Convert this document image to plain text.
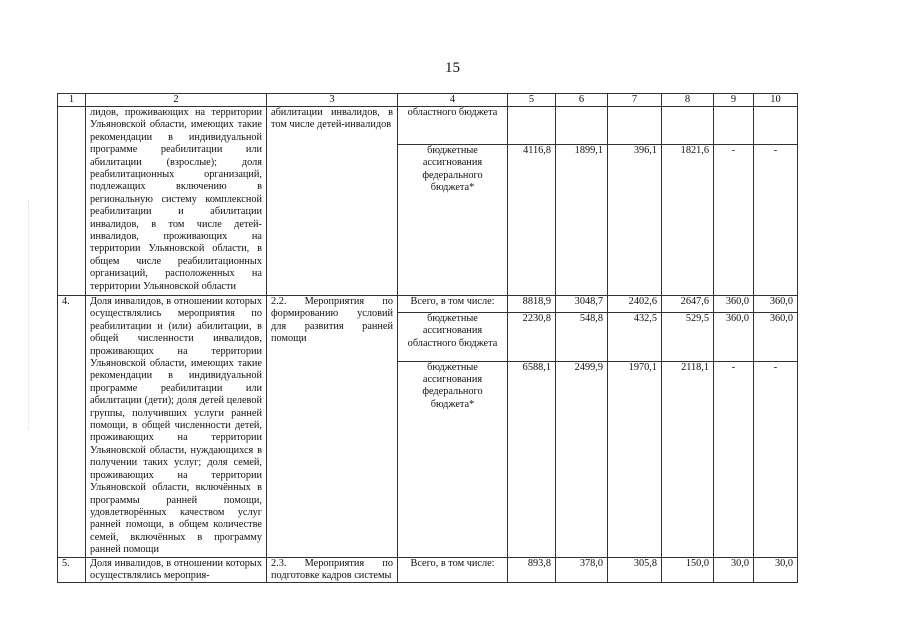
15
1	2	3	4	5	6	7	8	9	10
	лидов, проживающих на территории Ульяновской области, имеющих такие рекомендации в индивидуальной программе реабилитации или абилитации (взрослые); доля реабилитационных организаций, подлежащих включению в региональную систему комплексной реабилитации и абилитации инвалидов, в том числе детей-инвалидов, проживающих на территории Ульяновской области, в общем числе реабилитационных организаций, расположенных на территории Ульяновской области	абилитации инвалидов, в том числе детей-инвалидов	областного бюджета						
			бюджетные ассигнования федерального бюджета*	4116,8	1899,1	396,1	1821,6	-	-
4.	Доля инвалидов, в отношении которых осуществлялись мероприятия по реабилитации и (или) абилитации, в общей численности инвалидов, проживающих на территории Ульяновской области, имеющих такие рекомендации в индивидуальной программе реабилитации или абилитации (дети); доля детей целевой группы, получивших услуги ранней помощи, в общей численности детей, проживающих на территории Ульяновской области, нуждающихся в получении таких услуг; доля семей, проживающих на территории Ульяновской области, включённых в программы ранней помощи, удовлетворённых качеством услуг ранней помощи, в общем количестве семей, включённых в программу ранней помощи	2.2. Мероприятия по формированию условий для развития ранней помощи	Всего, в том числе:	8818,9	3048,7	2402,6	2647,6	360,0	360,0
			бюджетные ассигнования областного бюджета	2230,8	548,8	432,5	529,5	360,0	360,0
			бюджетные ассигнования федерального бюджета*	6588,1	2499,9	1970,1	2118,1	-	-
5.	Доля инвалидов, в отношении которых осуществлялись мероприя-	2.3. Мероприятия по подготовке кадров системы	Всего, в том числе:	893,8	378,0	305,8	150,0	30,0	30,0
